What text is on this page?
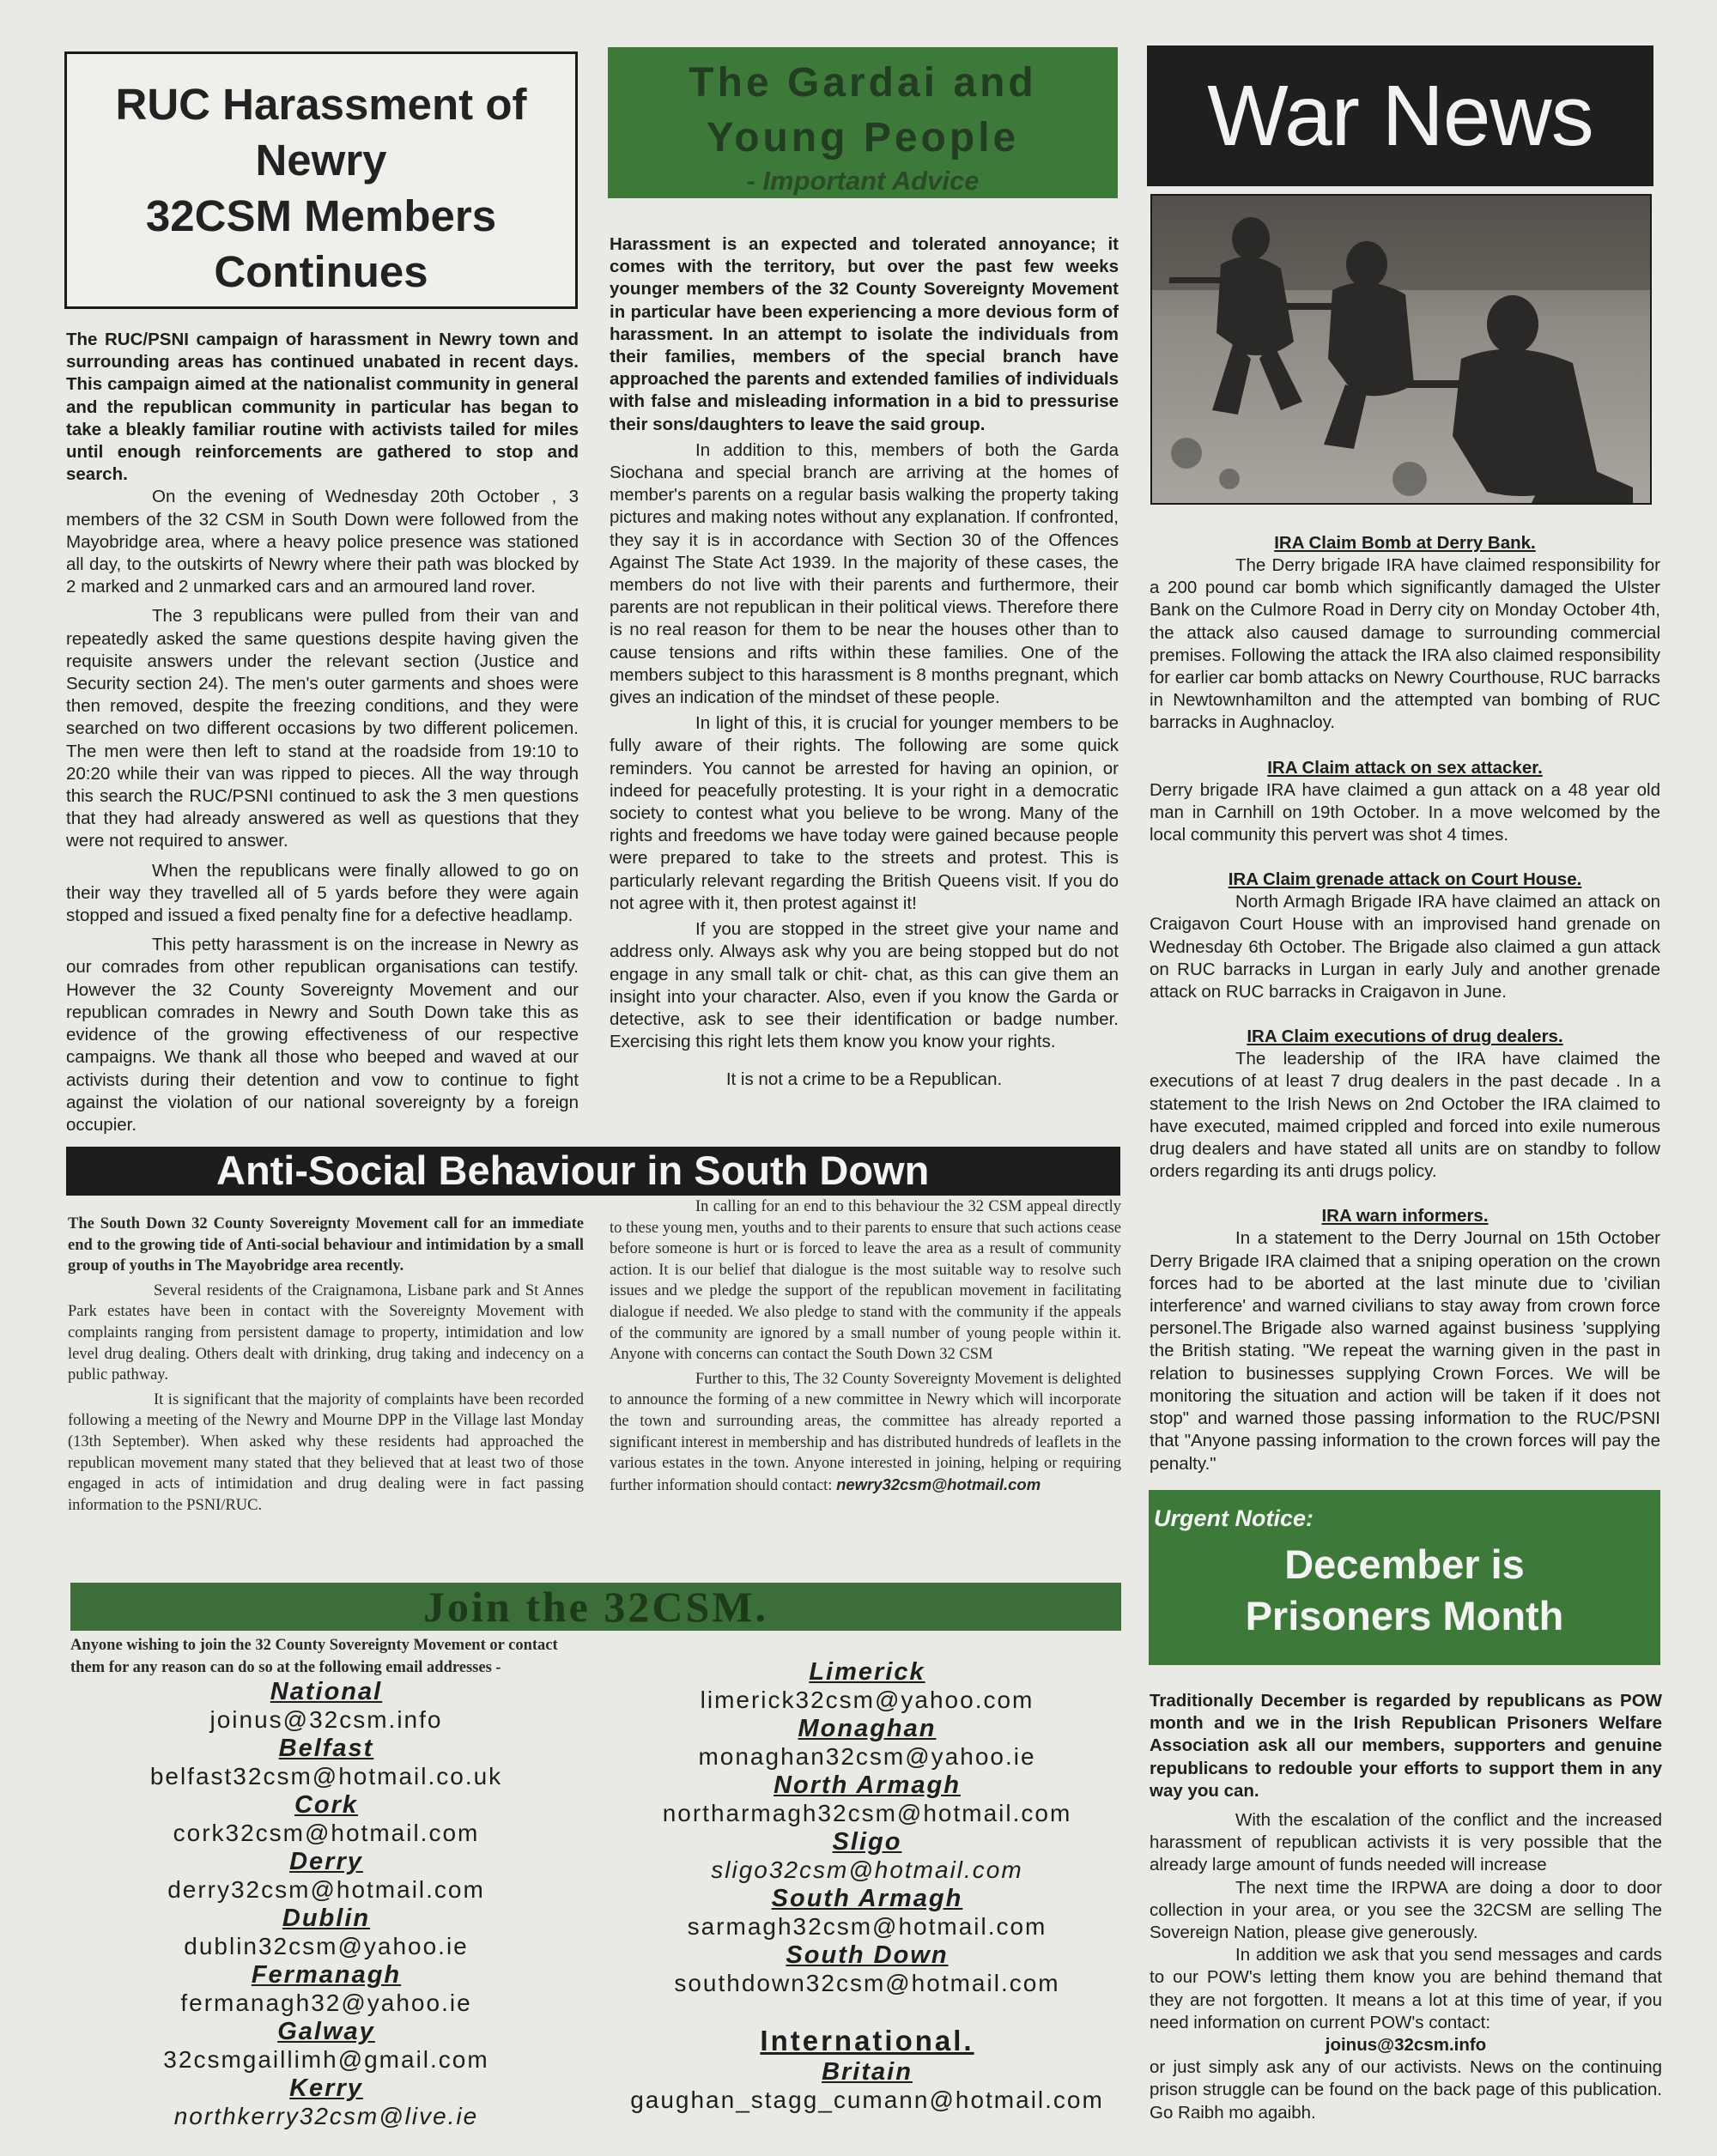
RUC Harassment of
Newry
32CSM Members
Continues

The RUC/PSNI campaign of harassment in Newry town and surrounding areas has continued unabated in recent days. This campaign aimed at the nationalist community in general and the republican community in particular has began to take a bleakly familiar routine with activists tailed for miles until enough reinforcements are gathered to stop and search.

On the evening of Wednesday 20th October , 3 members of the 32 CSM in South Down were followed from the Mayobridge area, where a heavy police presence was stationed all day, to the outskirts of Newry where their path was blocked by 2 marked and 2 unmarked cars and an armoured land rover.

The 3 republicans were pulled from their van and repeatedly asked the same questions despite having given the requisite answers under the relevant section (Justice and Security section 24). The men's outer garments and shoes were then removed, despite the freezing conditions, and they were searched on two different occasions by two different policemen. The men were then left to stand at the roadside from 19:10 to 20:20 while their van was ripped to pieces. All the way through this search the RUC/PSNI continued to ask the 3 men questions that they had already answered as well as questions that they were not required to answer.

When the republicans were finally allowed to go on their way they travelled all of 5 yards before they were again stopped and issued a fixed penalty fine for a defective headlamp.

This petty harassment is on the increase in Newry as our comrades from other republican organisations can testify. However the 32 County Sovereignty Movement and our republican comrades in Newry and South Down take this as evidence of the growing effectiveness of our respective campaigns. We thank all those who beeped and waved at our activists during their detention and vow to continue to fight against the violation of our national sovereignty by a foreign occupier.

The Gardai and
Young People
- Important Advice

Harassment is an expected and tolerated annoyance; it comes with the territory, but over the past few weeks younger members of the 32 County Sovereignty Movement in particular have been experiencing a more devious form of harassment. In an attempt to isolate the individuals from their families, members of the special branch have approached the parents and extended families of individuals with false and misleading information in a bid to pressurise their sons/daughters to leave the said group.

In addition to this, members of both the Garda Siochana and special branch are arriving at the homes of member's parents on a regular basis walking the property taking pictures and making notes without any explanation. If confronted, they say it is in accordance with Section 30 of the Offences Against The State Act 1939. In the majority of these cases, the members do not live with their parents and furthermore, their parents are not republican in their political views. Therefore there is no real reason for them to be near the houses other than to cause tensions and rifts within these families. One of the members subject to this harassment is 8 months pregnant, which gives an indication of the mindset of these people.

In light of this, it is crucial for younger members to be fully aware of their rights. The following are some quick reminders. You cannot be arrested for having an opinion, or indeed for peacefully protesting. It is your right in a democratic society to contest what you believe to be wrong. Many of the rights and freedoms we have today were gained because people were prepared to take to the streets and protest. This is particularly relevant regarding the British Queens visit. If you do not agree with it, then protest against it!

If you are stopped in the street give your name and address only. Always ask why you are being stopped but do not engage in any small talk or chit- chat, as this can give them an insight into your character. Also, even if you know the Garda or detective, ask to see their identification or badge number. Exercising this right lets them know you know your rights.

It is not a crime to be a Republican.

War News
IRA Claim Bomb at Derry Bank.

The Derry brigade IRA have claimed responsibility for a 200 pound car bomb which significantly damaged the Ulster Bank on the Culmore Road in Derry city on Monday October 4th, the attack also caused damage to surrounding commercial premises. Following the attack the IRA also claimed responsibility for earlier car bomb attacks on Newry Courthouse, RUC barracks in Newtownhamilton and the attempted van bombing of RUC barracks in Aughnacloy.

IRA Claim attack on sex attacker.

Derry brigade IRA have claimed a gun attack on a 48 year old man in Carnhill on 19th October. In a move welcomed by the local community this pervert was shot 4 times.

IRA Claim grenade attack on Court House.

North Armagh Brigade IRA have claimed an attack on Craigavon Court House with an improvised hand grenade on Wednesday 6th October. The Brigade also claimed a gun attack on RUC barracks in Lurgan in early July and another grenade attack on RUC barracks in Craigavon in June.

IRA Claim executions of drug dealers.

The leadership of the IRA have claimed the executions of at least 7 drug dealers in the past decade . In a statement to the Irish News on 2nd October the IRA claimed to have executed, maimed crippled and forced into exile numerous drug dealers and have stated all units are on standby to follow orders regarding its anti drugs policy.

IRA warn informers.

In a statement to the Derry Journal on 15th October Derry Brigade IRA claimed that a sniping operation on the crown forces had to be aborted at the last minute due to 'civilian interference' and warned civilians to stay away from crown force personel.The Brigade also warned against business 'supplying the British stating. "We repeat the warning given in the past in relation to businesses supplying Crown Forces. We will be monitoring the situation and action will be taken if it does not stop" and warned those passing information to the RUC/PSNI that "Anyone passing information to the crown forces will pay the penalty."

Anti-Social Behaviour in South Down

The South Down 32 County Sovereignty Movement call for an immediate end to the growing tide of Anti-social behaviour and intimidation by a small group of youths in The Mayobridge area recently.

Several residents of the Craignamona, Lisbane park and St Annes Park estates have been in contact with the Sovereignty Movement with complaints ranging from persistent damage to property, intimidation and low level drug dealing. Others dealt with drinking, drug taking and indecency on a public pathway.

It is significant that the majority of complaints have been recorded following a meeting of the Newry and Mourne DPP in the Village last Monday (13th September). When asked why these residents had approached the republican movement many stated that they believed that at least two of those engaged in acts of intimidation and drug dealing were in fact passing information to the PSNI/RUC.

In calling for an end to this behaviour the 32 CSM appeal directly to these young men, youths and to their parents to ensure that such actions cease before someone is hurt or is forced to leave the area as a result of community action. It is our belief that dialogue is the most suitable way to resolve such issues and we pledge the support of the republican movement in facilitating dialogue if needed. We also pledge to stand with the community if the appeals of the community are ignored by a small number of young people within it. Anyone with concerns can contact the South Down 32 CSM

Further to this, The 32 County Sovereignty Movement is delighted to announce the forming of a new committee in Newry which will incorporate the town and surrounding areas, the committee has already reported a significant interest in membership and has distributed hundreds of leaflets in the various estates in the town. Anyone interested in joining, helping or requiring further information should contact: newry32csm@hotmail.com

Join the 32CSM.

Anyone wishing to join the 32 County Sovereignty Movement or contact them for any reason can do so at the following email addresses -

National
joinus@32csm.info
Belfast
belfast32csm@hotmail.co.uk
Cork
cork32csm@hotmail.com
Derry
derry32csm@hotmail.com
Dublin
dublin32csm@yahoo.ie
Fermanagh
fermanagh32@yahoo.ie
Galway
32csmgaillimh@gmail.com
Kerry
northkerry32csm@live.ie
Limerick
limerick32csm@yahoo.com
Monaghan
monaghan32csm@yahoo.ie
North Armagh
northarmagh32csm@hotmail.com
Sligo
sligo32csm@hotmail.com
South Armagh
sarmagh32csm@hotmail.com
South Down
southdown32csm@hotmail.com
International.
Britain
gaughan_stagg_cumann@hotmail.com
Urgent Notice:
December is
Prisoners Month

Traditionally December is regarded by republicans as POW month and we in the Irish Republican Prisoners Welfare Association ask all our members, supporters and genuine republicans to redouble your efforts to support them in any way you can.

With the escalation of the conflict and the increased harassment of republican activists it is very possible that the already large amount of funds needed will increase

The next time the IRPWA are doing a door to door collection in your area, or you see the 32CSM are selling The Sovereign Nation, please give generously.

In addition we ask that you send messages and cards to our POW's letting them know you are behind themand that they are not forgotten. It means a lot at this time of year, if you need information on current POW's contact:

joinus@32csm.info

or just simply ask any of our activists. News on the continuing prison struggle can be found on the back page of this publication. Go Raibh mo agaibh.
